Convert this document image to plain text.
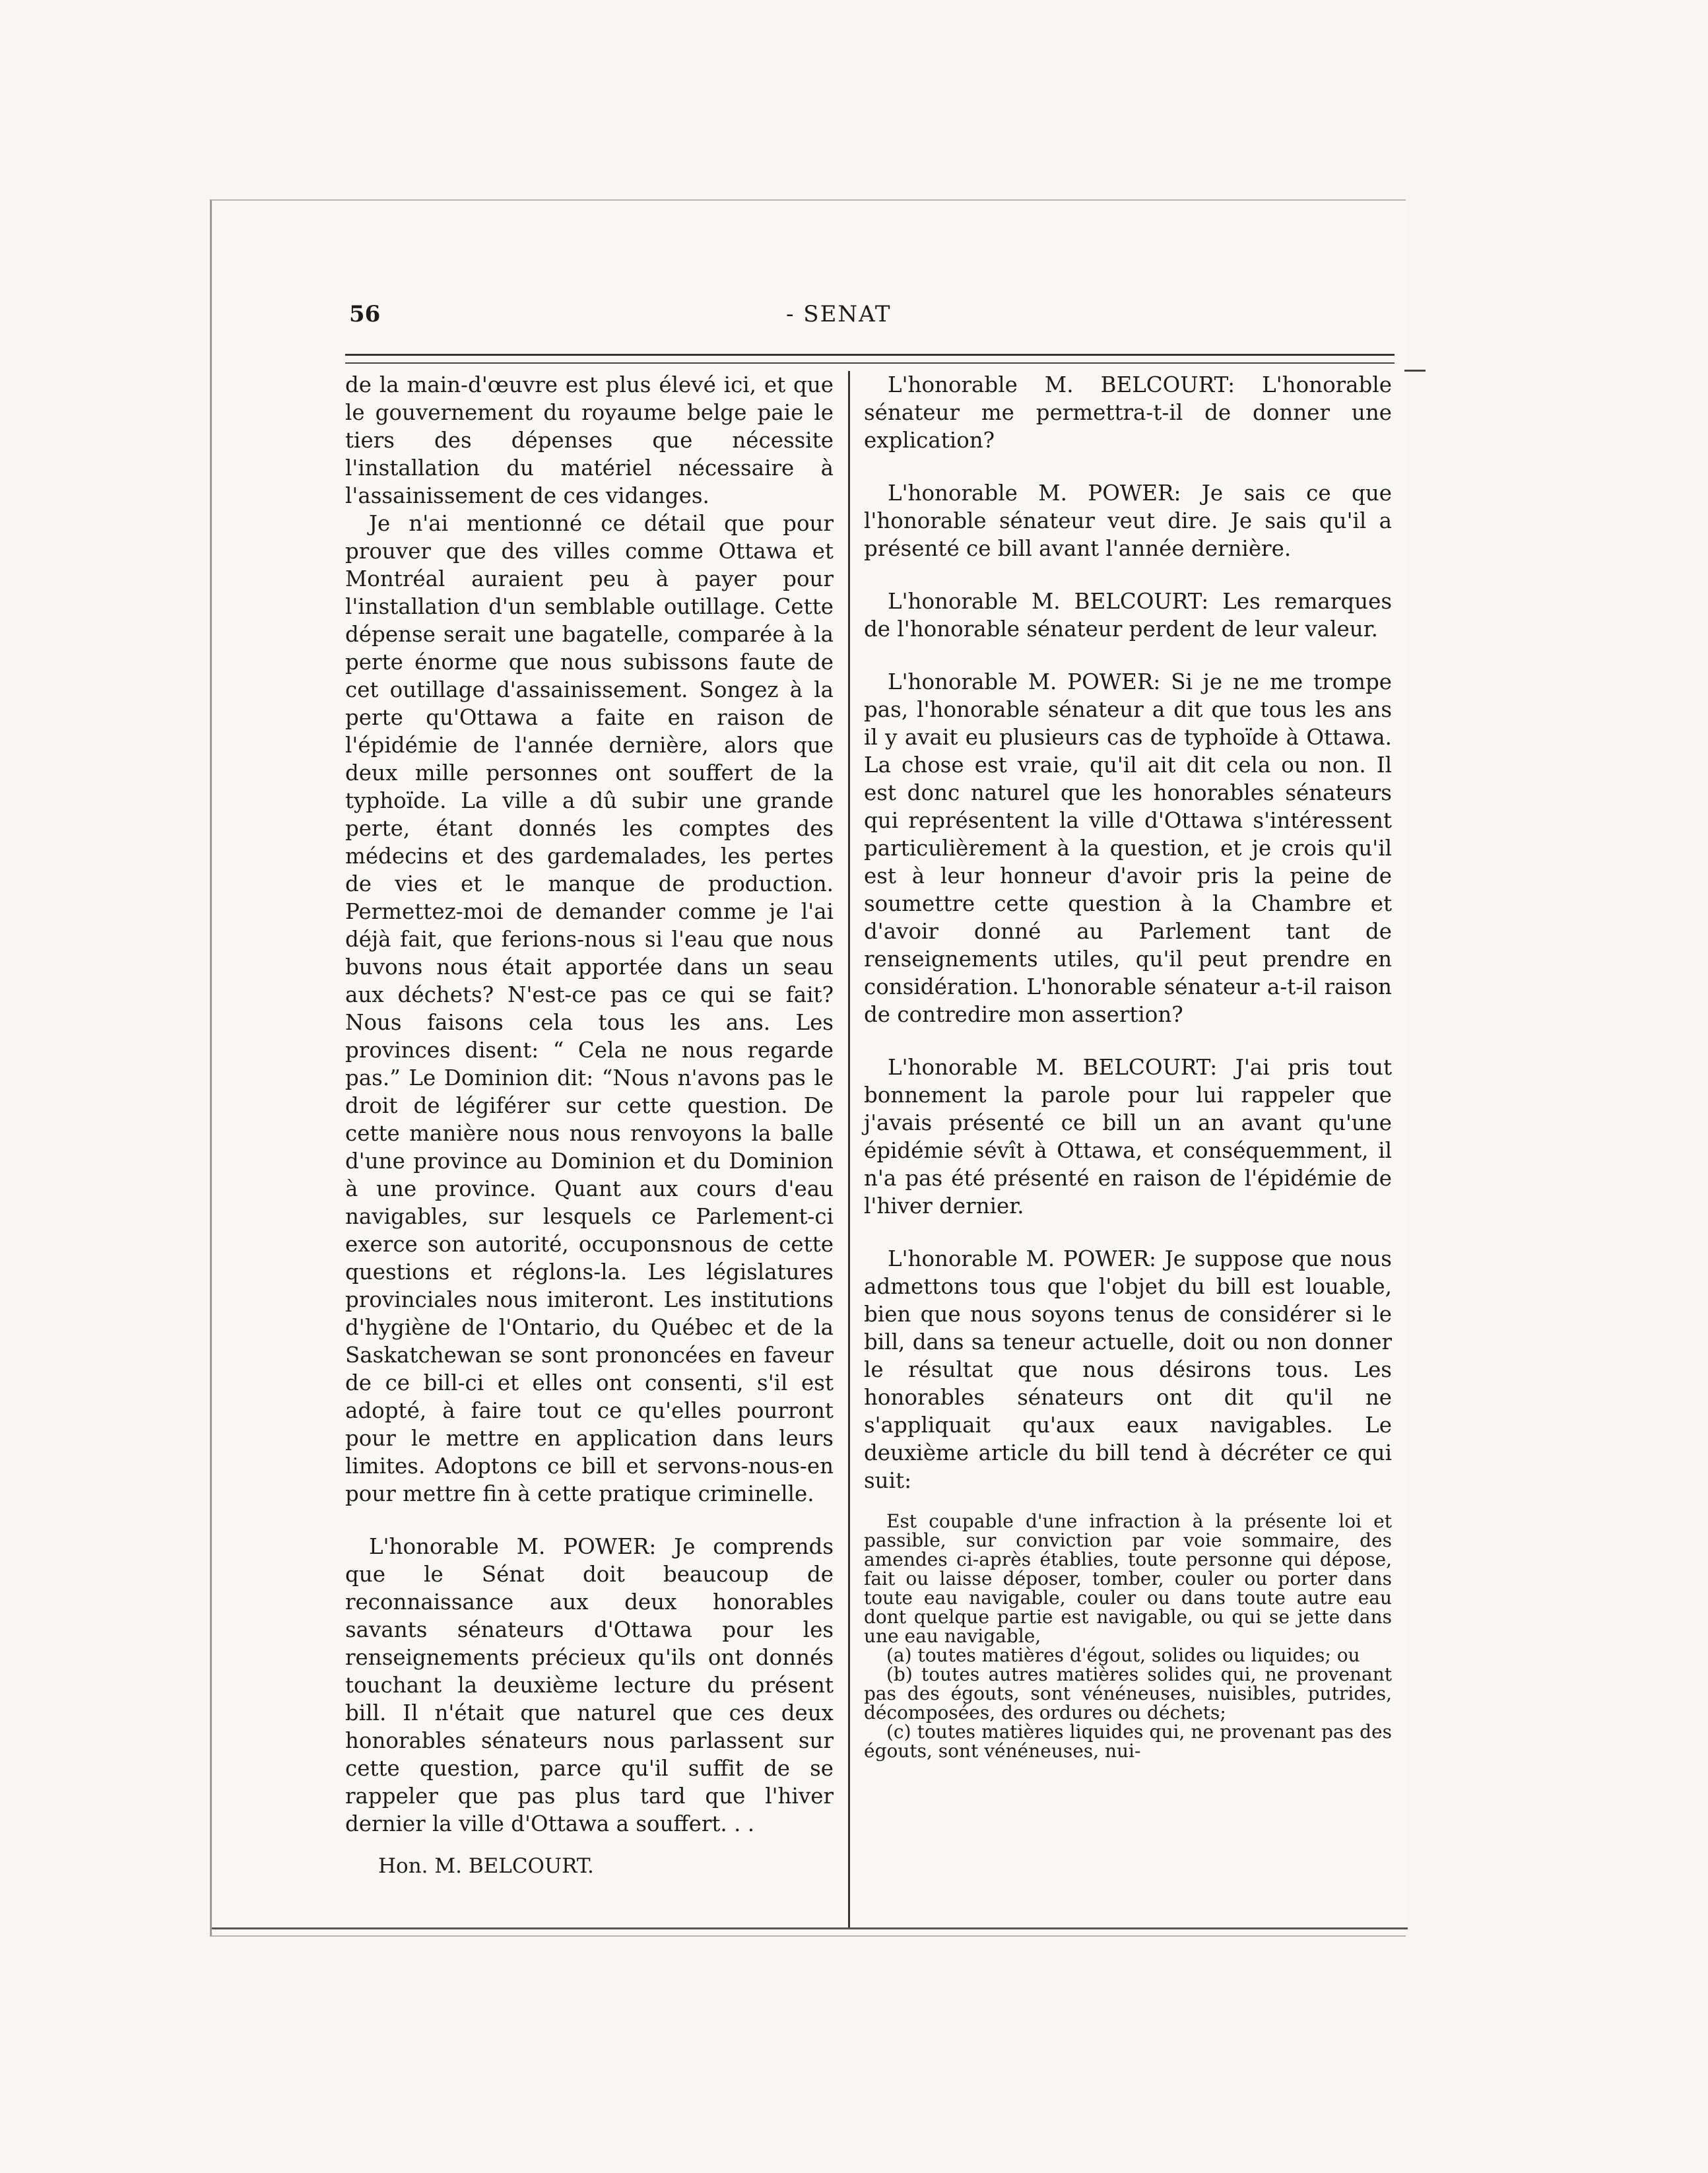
56	- SENAT

de la main-d'œuvre est plus élevé ici, et que le gouvernement du royaume belge paie le tiers des dépenses que nécessite l'installation du matériel nécessaire à l'assainissement de ces vidanges.

Je n'ai mentionné ce détail que pour prouver que des villes comme Ottawa et Montréal auraient peu à payer pour l'installation d'un semblable outillage. Cette dépense serait une bagatelle, comparée à la perte énorme que nous subissons faute de cet outillage d'assainissement. Songez à la perte qu'Ottawa a faite en raison de l'épidémie de l'année dernière, alors que deux mille personnes ont souffert de la typhoïde. La ville a dû subir une grande perte, étant donnés les comptes des médecins et des gardemalades, les pertes de vies et le manque de production. Permettez-moi de demander comme je l'ai déjà fait, que ferions-nous si l'eau que nous buvons nous était apportée dans un seau aux déchets? N'est-ce pas ce qui se fait? Nous faisons cela tous les ans. Les provinces disent: “ Cela ne nous regarde pas.” Le Dominion dit: “Nous n'avons pas le droit de légiférer sur cette question. De cette manière nous nous renvoyons la balle d'une province au Dominion et du Dominion à une province. Quant aux cours d'eau navigables, sur lesquels ce Parlement-ci exerce son autorité, occuponsnous de cette questions et réglons-la. Les législatures provinciales nous imiteront. Les institutions d'hygiène de l'Ontario, du Québec et de la Saskatchewan se sont prononcées en faveur de ce bill-ci et elles ont consenti, s'il est adopté, à faire tout ce qu'elles pourront pour le mettre en application dans leurs limites. Adoptons ce bill et servons-nous-en pour mettre fin à cette pratique criminelle.

L'honorable M. POWER: Je comprends que le Sénat doit beaucoup de reconnaissance aux deux honorables savants sénateurs d'Ottawa pour les renseignements précieux qu'ils ont donnés touchant la deuxième lecture du présent bill. Il n'était que naturel que ces deux honorables sénateurs nous parlassent sur cette question, parce qu'il suffit de se rappeler que pas plus tard que l'hiver dernier la ville d'Ottawa a souffert. . .

Hon. M. BELCOURT.

L'honorable M. BELCOURT: L'honorable sénateur me permettra-t-il de donner une explication?

L'honorable M. POWER: Je sais ce que l'honorable sénateur veut dire. Je sais qu'il a présenté ce bill avant l'année dernière.

L'honorable M. BELCOURT: Les remarques de l'honorable sénateur perdent de leur valeur.

L'honorable M. POWER: Si je ne me trompe pas, l'honorable sénateur a dit que tous les ans il y avait eu plusieurs cas de typhoïde à Ottawa. La chose est vraie, qu'il ait dit cela ou non. Il est donc naturel que les honorables sénateurs qui représentent la ville d'Ottawa s'intéressent particulièrement à la question, et je crois qu'il est à leur honneur d'avoir pris la peine de soumettre cette question à la Chambre et d'avoir donné au Parlement tant de renseignements utiles, qu'il peut prendre en considération. L'honorable sénateur a-t-il raison de contredire mon assertion?

L'honorable M. BELCOURT: J'ai pris tout bonnement la parole pour lui rappeler que j'avais présenté ce bill un an avant qu'une épidémie sévît à Ottawa, et conséquemment, il n'a pas été présenté en raison de l'épidémie de l'hiver dernier.

L'honorable M. POWER: Je suppose que nous admettons tous que l'objet du bill est louable, bien que nous soyons tenus de considérer si le bill, dans sa teneur actuelle, doit ou non donner le résultat que nous désirons tous. Les honorables sénateurs ont dit qu'il ne s'appliquait qu'aux eaux navigables. Le deuxième article du bill tend à décréter ce qui suit:

Est coupable d'une infraction à la présente loi et passible, sur conviction par voie sommaire, des amendes ci-après établies, toute personne qui dépose, fait ou laisse déposer, tomber, couler ou porter dans toute eau navigable, couler ou dans toute autre eau dont quelque partie est navigable, ou qui se jette dans une eau navigable,

(a) toutes matières d'égout, solides ou liquides; ou

(b) toutes autres matières solides qui, ne provenant pas des égouts, sont vénéneuses, nuisibles, putrides, décomposées, des ordures ou déchets;

(c) toutes matières liquides qui, ne provenant pas des égouts, sont vénéneuses, nui-
